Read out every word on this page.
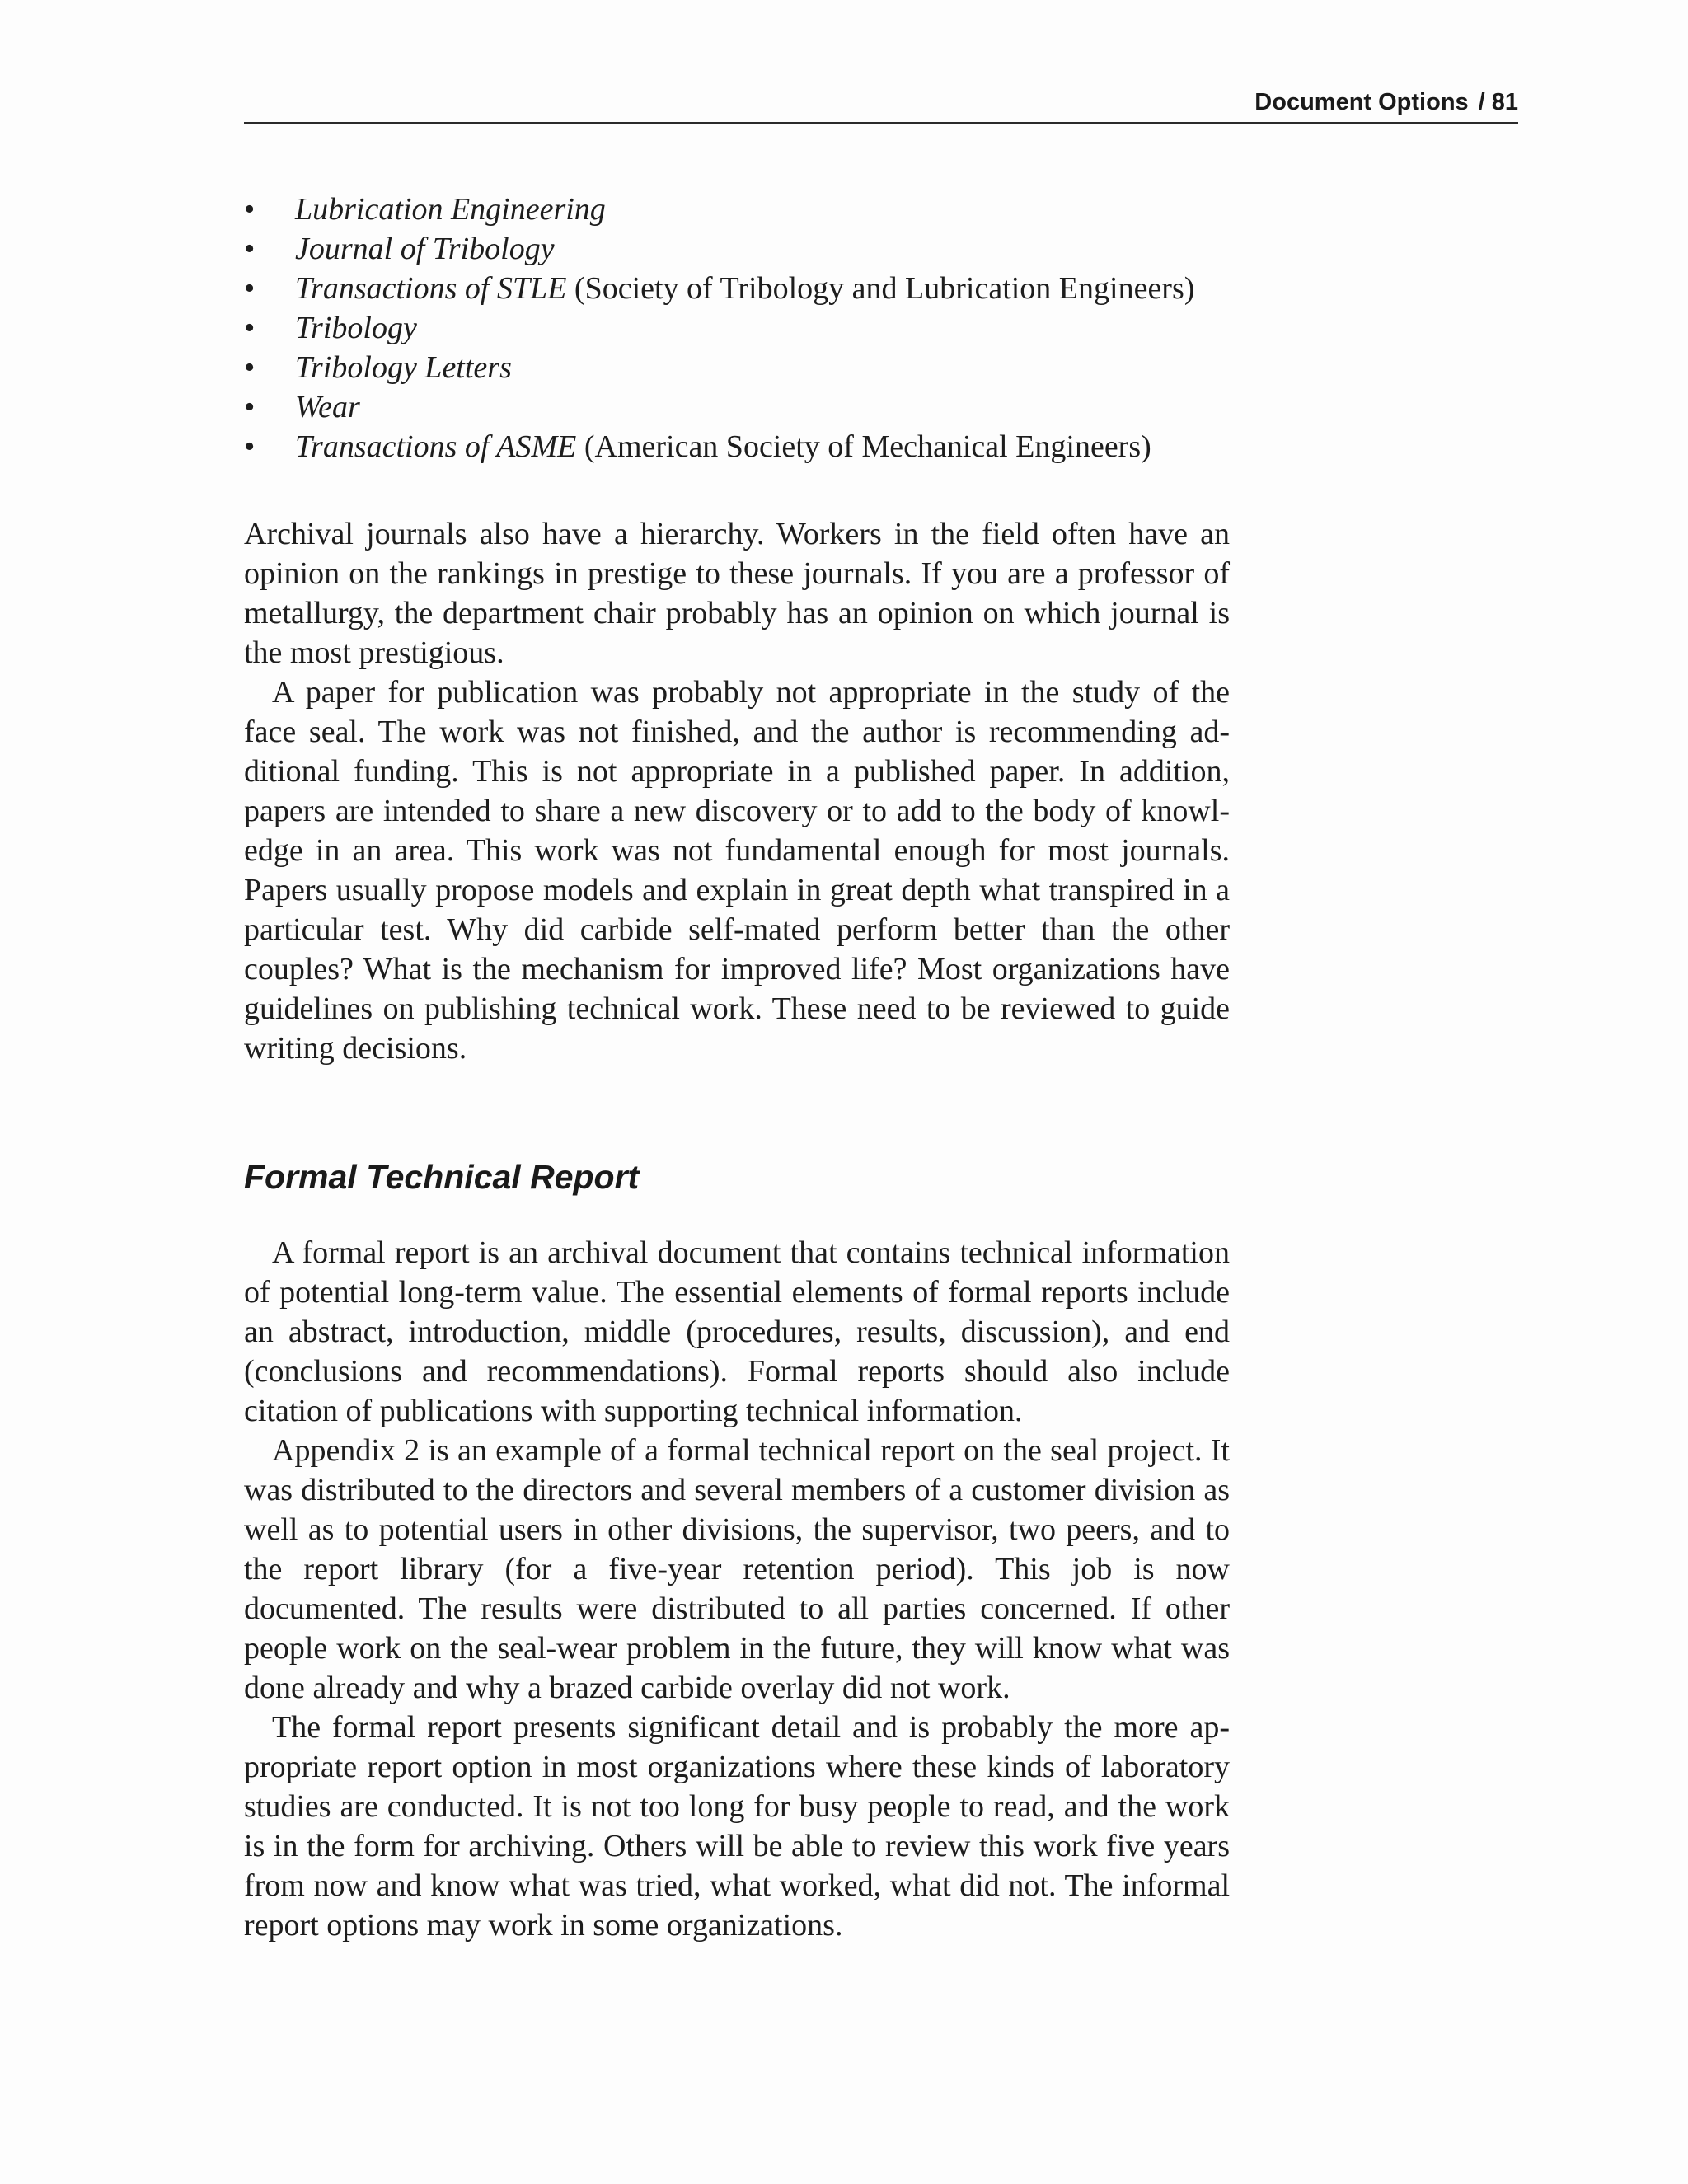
Document Options / 81
• Lubrication Engineering
• Journal of Tribology
• Transactions of STLE (Society of Tribology and Lubrication Engineers)
• Tribology
• Tribology Letters
• Wear
• Transactions of ASME (American Society of Mechanical Engineers)

Archival journals also have a hierarchy. Workers in the field often have an opinion on the rankings in prestige to these journals. If you are a professor of metallurgy, the department chair probably has an opinion on which journal is the most prestigious.

A paper for publication was probably not appropriate in the study of the face seal. The work was not finished, and the author is recommending additional funding. This is not appropriate in a published paper. In addition, papers are intended to share a new discovery or to add to the body of knowledge in an area. This work was not fundamental enough for most journals. Papers usually propose models and explain in great depth what transpired in a particular test. Why did carbide self-mated perform better than the other couples? What is the mechanism for improved life? Most organizations have guidelines on publishing technical work. These need to be reviewed to guide writing decisions.

Formal Technical Report

A formal report is an archival document that contains technical information of potential long-term value. The essential elements of formal reports include an abstract, introduction, middle (procedures, results, discussion), and end (conclusions and recommendations). Formal reports should also include citation of publications with supporting technical information.

Appendix 2 is an example of a formal technical report on the seal project. It was distributed to the directors and several members of a customer division as well as to potential users in other divisions, the supervisor, two peers, and to the report library (for a five-year retention period). This job is now documented. The results were distributed to all parties concerned. If other people work on the seal-wear problem in the future, they will know what was done already and why a brazed carbide overlay did not work.

The formal report presents significant detail and is probably the more appropriate report option in most organizations where these kinds of laboratory studies are conducted. It is not too long for busy people to read, and the work is in the form for archiving. Others will be able to review this work five years from now and know what was tried, what worked, what did not. The informal report options may work in some organizations.
